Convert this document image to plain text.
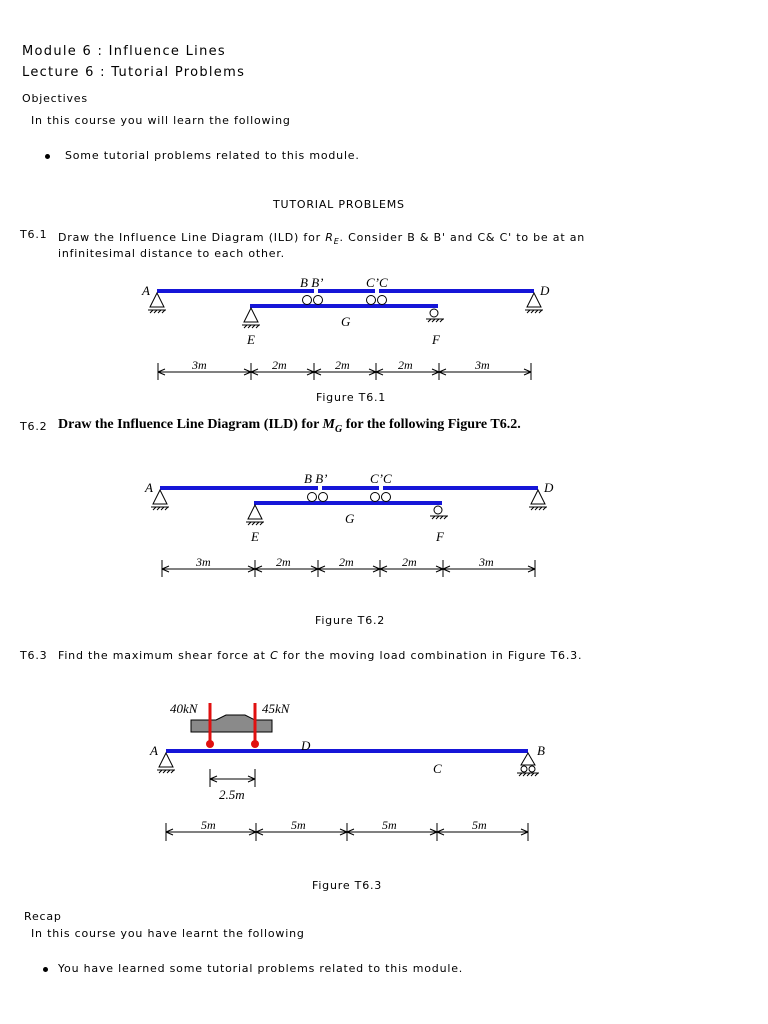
Module 6 : Influence Lines
Lecture 6 : Tutorial Problems
Objectives
In this course you will learn the following
Some tutorial problems related to this module.
TUTORIAL PROBLEMS
T6.1 Draw the Influence Line Diagram (ILD) for $R_E$. Consider B & B' and C& C' to be at an
infinitesimal distance to each other.
A
B B’	C’C
D
E
G
F
3m	2m	2m	2m	3m
Figure T6.1
T6.2 Draw the Influence Line Diagram (ILD) for $M_G$ for the following Figure T6.2.
A
B B’	C’C
D
E
G
F
3m	2m	2m	2m	3m
Figure T6.2
T6.3 Find the maximum shear force at C for the moving load combination in Figure T6.3.
40kN	45kN
A	D	B
C
2.5m
5m	5m	5m	5m
Figure T6.3
Recap
In this course you have learnt the following
You have learned some tutorial problems related to this module.
